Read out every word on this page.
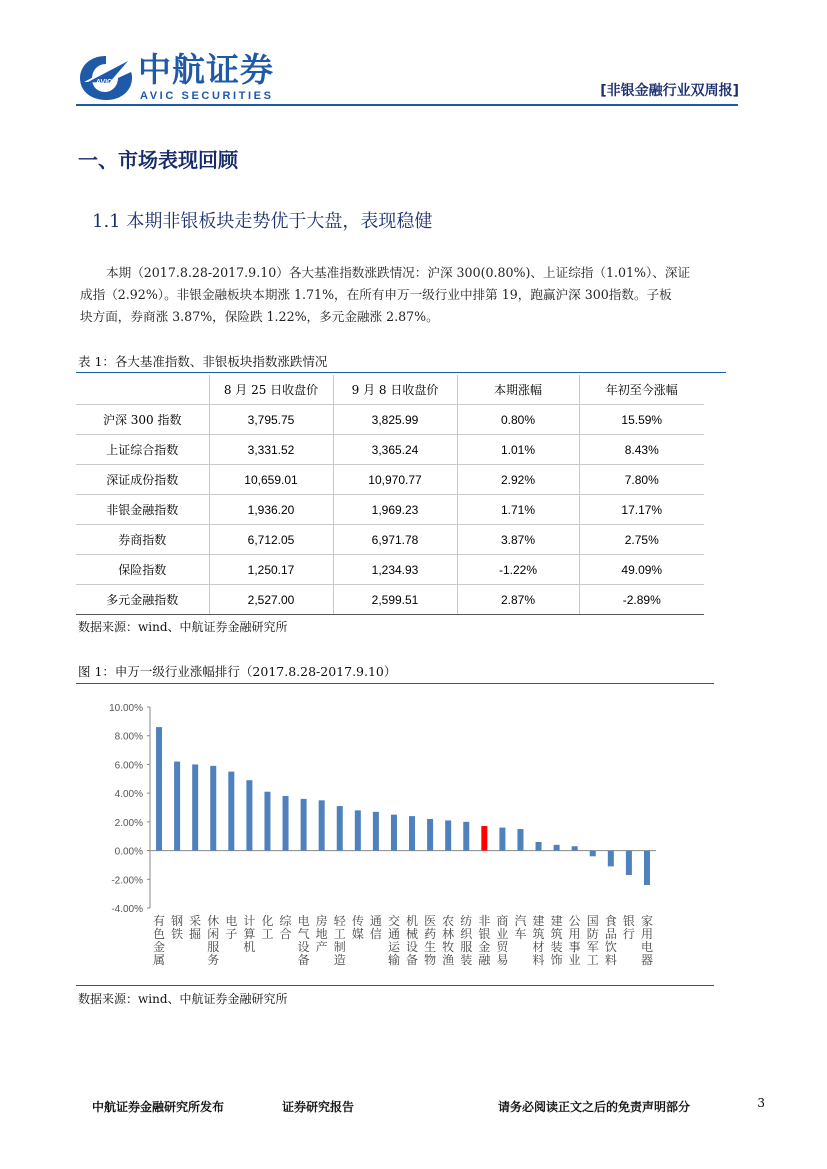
AVIC 中航证券
AVIC SECURITIES	[非银金融行业双周报]
一、市场表现回顾
1.1 本期非银板块走势优于大盘，表现稳健

本期（2017.8.28-2017.9.10）各大基准指数涨跌情况：沪深 300(0.80%)、上证综指（1.01%）、深证

成指（2.92%）。非银金融板块本期涨 1.71%，在所有申万一级行业中排第 19，跑赢沪深 300指数。子板

块方面，券商涨 3.87%，保险跌 1.22%，多元金融涨 2.87%。

表 1：各大基准指数、非银板块指数涨跌情况
	8 月 25 日收盘价	9 月 8 日收盘价	本期涨幅	年初至今涨幅
沪深 300 指数	3,795.75	3,825.99	0.80%	15.59%
上证综合指数	3,331.52	3,365.24	1.01%	8.43%
深证成份指数	10,659.01	10,970.77	2.92%	7.80%
非银金融指数	1,936.20	1,969.23	1.71%	17.17%
券商指数	6,712.05	6,971.78	3.87%	2.75%
保险指数	1,250.17	1,234.93	-1.22%	49.09%
多元金融指数	2,527.00	2,599.51	2.87%	-2.89%
数据来源：wind、中航证券金融研究所
图 1：申万一级行业涨幅排行（2017.8.28-2017.9.10）
10.00%
8.00%
6.00%
4.00%
2.00%
0.00%
-2.00%
-4.00%
有色金属
钢铁
采掘
休闲服务
电子
计算机
化工
综合
电气设备
房地产
轻工制造
传媒
通信
交通运输
机械设备
医药生物
农林牧渔
纺织服装
非银金融
商业贸易
汽车
建筑材料
建筑装饰
公用事业
国防军工
食品饮料
银行
家用电器
数据来源：wind、中航证券金融研究所
中航证券金融研究所发布	证券研究报告	请务必阅读正文之后的免责声明部分	3
